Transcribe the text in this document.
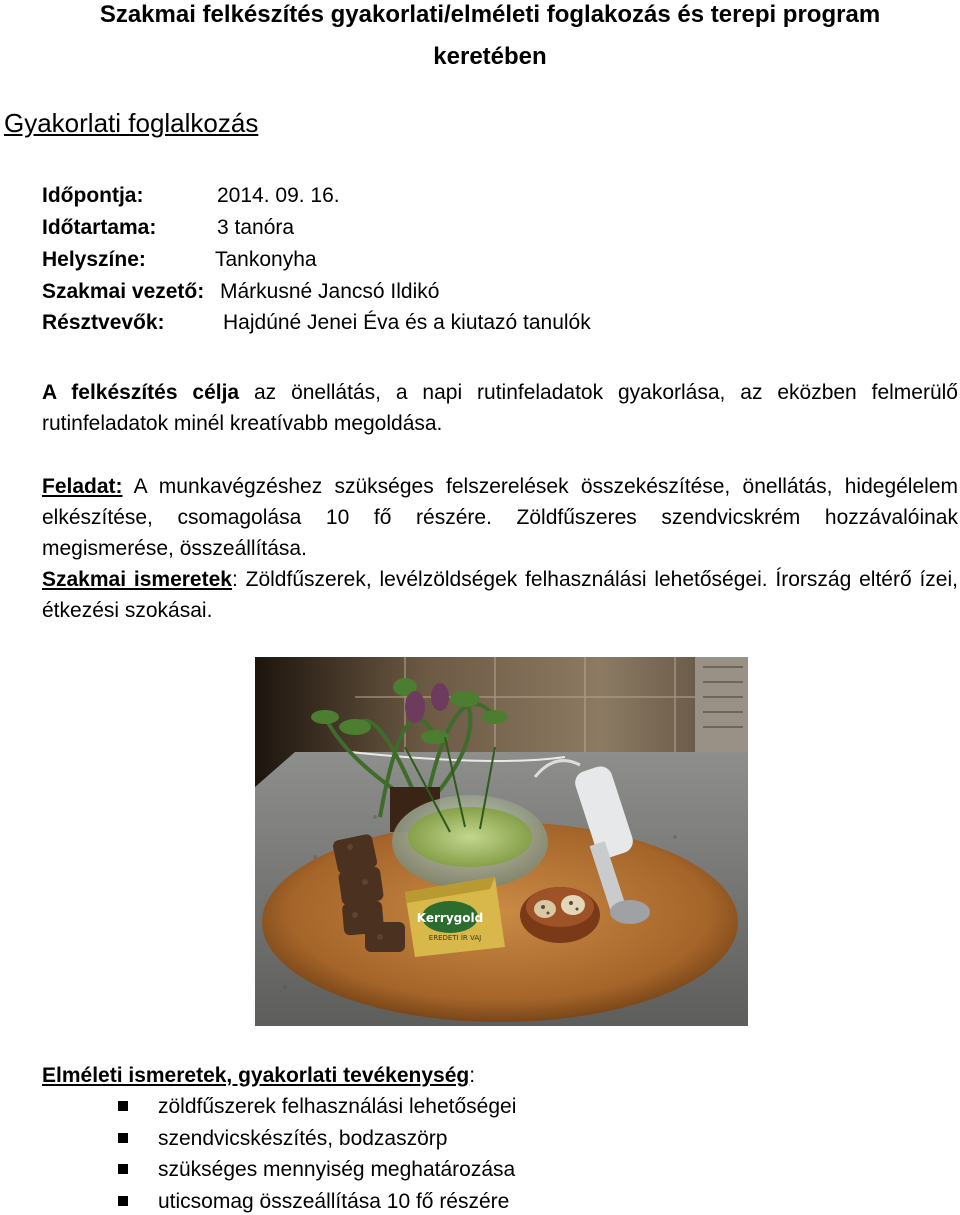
Szakmai felkészítés gyakorlati/elméleti foglakozás és terepi program
keretében
Gyakorlati foglalkozás
Időpontja:	2014. 09. 16.
Időtartama:	3 tanóra
Helyszíne:	Tankonyha
Szakmai vezető: Márkusné Jancsó Ildikó
Résztvevők:	Hajdúné Jenei Éva és a kiutazó tanulók

A felkészítés célja az önellátás, a napi rutinfeladatok gyakorlása, az eközben felmerülő rutinfeladatok minél kreatívabb megoldása.

Feladat: A munkavégzéshez szükséges felszerelések összekészítése, önellátás, hidegélelem elkészítése, csomagolása 10 fő részére. Zöldfűszeres szendvicskrém hozzávalóinak megismerése, összeállítása.

Szakmai ismeretek: Zöldfűszerek, levélzöldségek felhasználási lehetőségei. Írország eltérő ízei, étkezési szokásai.

Kerrygold
EREDETI ÍR VAJ
Elméleti ismeretek, gyakorlati tevékenység:
zöldfűszerek felhasználási lehetőségei
szendvicskészítés, bodzaszörp
szükséges mennyiség meghatározása
uticsomag összeállítása 10 fő részére
